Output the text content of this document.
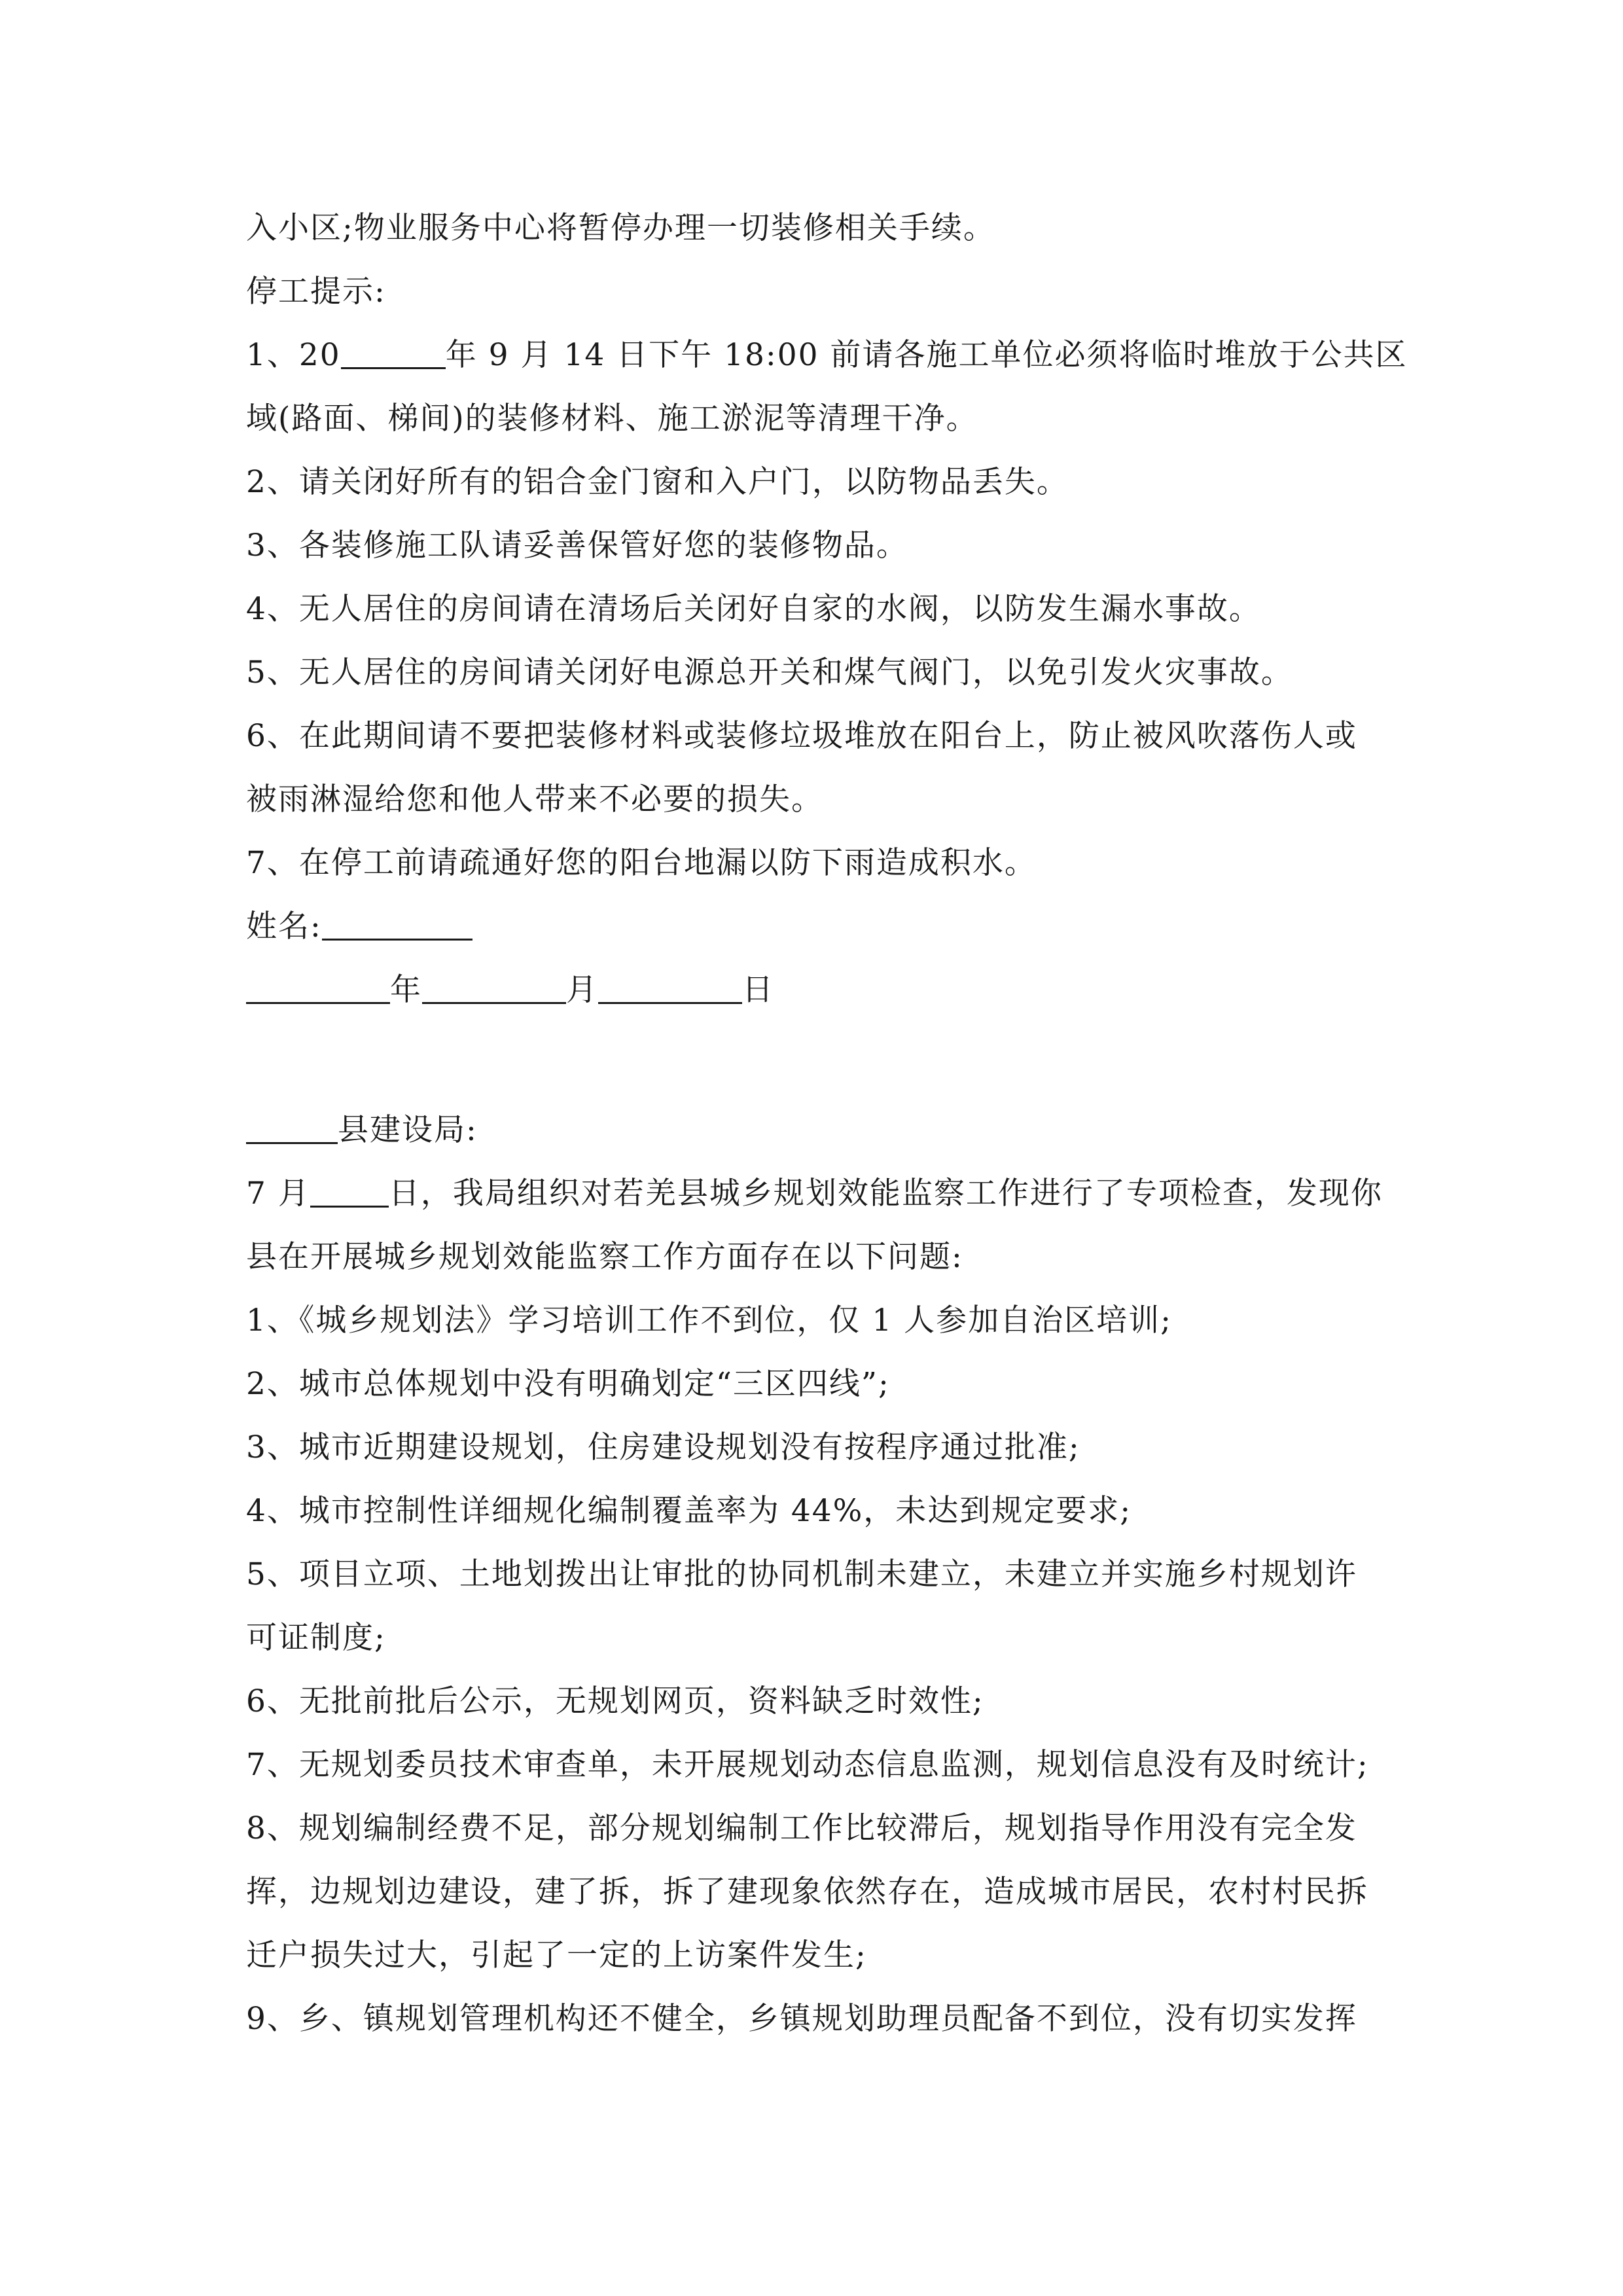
入小区;物业服务中心将暂停办理一切装修相关手续。
停工提示:
1、20	年 9 月 14 日下午 18:00 前请各施工单位必须将临时堆放于公共区
域(路面、梯间)的装修材料、施工淤泥等清理干净。
2、请关闭好所有的铝合金门窗和入户门，以防物品丢失。
3、各装修施工队请妥善保管好您的装修物品。
4、无人居住的房间请在清场后关闭好自家的水阀，以防发生漏水事故。
5、无人居住的房间请关闭好电源总开关和煤气阀门，以免引发火灾事故。
6、在此期间请不要把装修材料或装修垃圾堆放在阳台上，防止被风吹落伤人或
被雨淋湿给您和他人带来不必要的损失。
7、在停工前请疏通好您的阳台地漏以防下雨造成积水。
姓名:
年	月	日
县建设局:
7 月	日，我局组织对若羌县城乡规划效能监察工作进行了专项检查，发现你
县在开展城乡规划效能监察工作方面存在以下问题:
1、《城乡规划法》学习培训工作不到位，仅 1 人参加自治区培训;
2、城市总体规划中没有明确划定“三区四线”;
3、城市近期建设规划，住房建设规划没有按程序通过批准;
4、城市控制性详细规化编制覆盖率为 44%，未达到规定要求;
5、项目立项、土地划拨出让审批的协同机制未建立，未建立并实施乡村规划许
可证制度;
6、无批前批后公示，无规划网页，资料缺乏时效性;
7、无规划委员技术审查单，未开展规划动态信息监测，规划信息没有及时统计;
8、规划编制经费不足，部分规划编制工作比较滞后，规划指导作用没有完全发
挥，边规划边建设，建了拆，拆了建现象依然存在，造成城市居民，农村村民拆
迁户损失过大，引起了一定的上访案件发生;
9、乡、镇规划管理机构还不健全，乡镇规划助理员配备不到位，没有切实发挥
